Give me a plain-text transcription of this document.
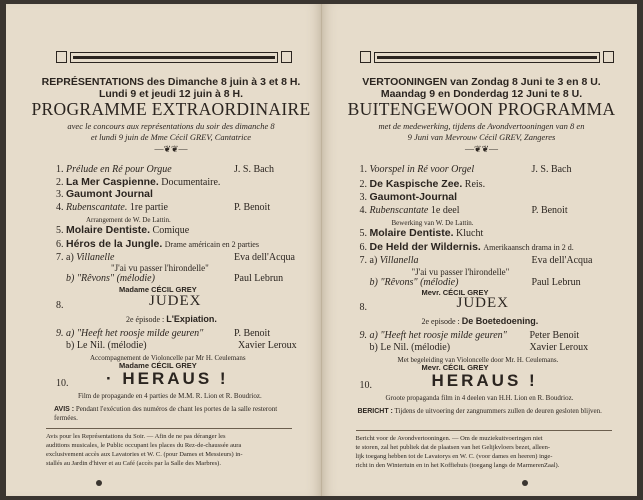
REPRÉSENTATIONS des Dimanche 8 juin à 3 et 8 H.
Lundi 9 et jeudi 12 juin à 8 H.
PROGRAMME EXTRAORDINAIRE
avec le concours aux représentations du soir des dimanche 8
et lundi 9 juin de Mme Cécil GREV, Cantatrice
—❦❦—
1. Prélude en Ré pour Orgue	J. S. Bach
2. La Mer Caspienne. Documentaire.
3. Gaumont Journal
4. Rubenscantate. 1re partie	P. Benoit
Arrangement de W. De Lattin.
5. Molaire Dentiste. Comique
6. Héros de la Jungle. Drame américain en 2 parties
7. a) Villanelle	Eva dell'Acqua
"J'ai vu passer l'hirondelle"
b) "Rêvons" (mélodie)	Paul Lebrun
Madame CÉCIL GREY
8.	JUDEX
2e épisode : L'Expiation.
9. a) "Heeft het roosje milde geuren"	P. Benoit
b) Le Nil. (mélodie)	Xavier Leroux
Accompagnement de Violoncelle par Mr H. Ceulemans
Madame CÉCIL GREY
10. · HERAUS !
Film de propagande en 4 parties de M.M. R. Lion et R. Boudrioz.
AVIS : Pendant l'exécution des numéros de chant les portes de la salle resteront fermées.
Avis pour les Représentations du Soir. — Afin de ne pas déranger les
auditions musicales, le Public occupant les places du Rez-de-chaussée aura
exclusivement accès aux Lavatories et W. C. (pour Dames et Messieurs) in-
stallés au Jardin d'hiver et au Café (accès par la Salle des Marbres).
VERTOONINGEN van Zondag 8 Juni te 3 en 8 U.
Maandag 9 en Donderdag 12 Juni te 8 U.
BUITENGEWOON PROGRAMMA
met de medewerking, tijdens de Avondvertooningen van 8 en
9 Juni van Mevrouw Cécil GREV, Zangeres
—❦❦—
1. Voorspel in Ré voor Orgel	J. S. Bach
2. De Kaspische Zee. Reis.
3. Gaumont-Journal
4. Rubenscantate 1e deel	P. Benoit
Bewerking van W. De Lattin.
5. Molaire Dentiste. Klucht
6. De Held der Wildernis. Amerikaansch drama in 2 d.
7. a) Villanella	Eva dell'Acqua
"J'ai vu passer l'hirondelle"
b) "Rêvons" (mélodie)	Paul Lebrun
Mevr. CÉCIL GREY
8.	JUDEX
2e episode : De Boetedoening.
9. a) "Heeft het roosje milde geuren" Peter Benoit
b) Le Nil. (mélodie)	Xavier Leroux
Met begeleiding van Violoncelle door Mr. H. Ceulemans.
Mevr. CÉCIL GREY
10.	HERAUS !
Groote propaganda film in 4 deelen van H.H. Lion en R. Boudrioz.
BERICHT : Tijdens de uitvoering der zangnummers zullen de deuren gesloten blijven.
Bericht voor de Avondvertooningen. — Om de muziekuitvoeringen niet
te storen, zal het publiek dat de plaatsen van het Gelijkvloers bezet, alleen-
lijk toegang hebben tot de Lavatorys en W. C. (voor dames en heeren) inge-
richt in den Wintertuin en in het Koffiehuis (toegang langs de MarmerenZaal).
